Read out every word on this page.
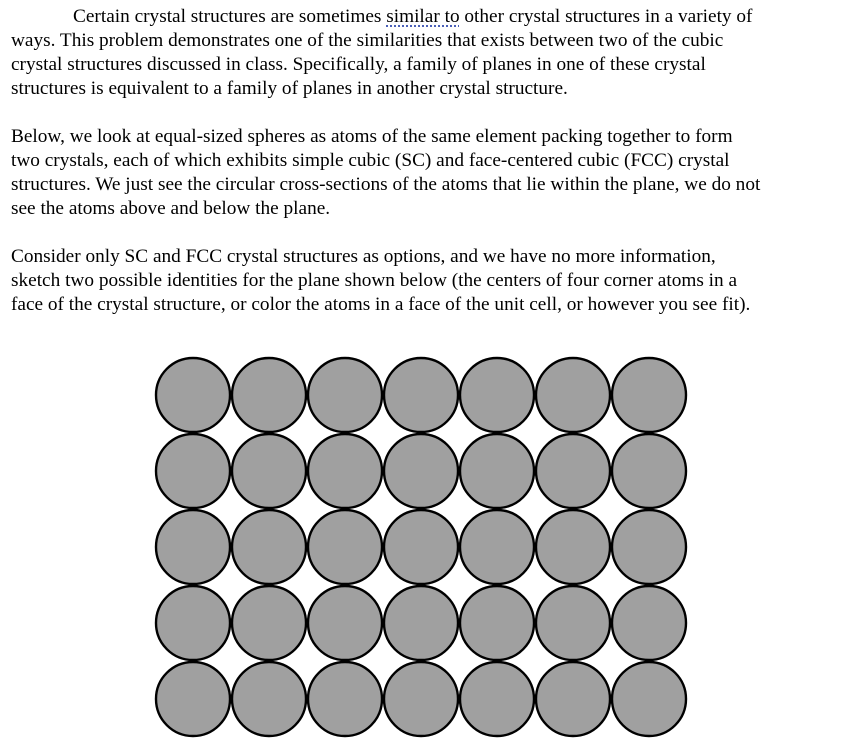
Certain crystal structures are sometimes similar to other crystal structures in a variety of
ways. This problem demonstrates one of the similarities that exists between two of the cubic
crystal structures discussed in class. Specifically, a family of planes in one of these crystal
structures is equivalent to a family of planes in another crystal structure.

Below, we look at equal-sized spheres as atoms of the same element packing together to form
two crystals, each of which exhibits simple cubic (SC) and face-centered cubic (FCC) crystal
structures. We just see the circular cross-sections of the atoms that lie within the plane, we do not
see the atoms above and below the plane.

Consider only SC and FCC crystal structures as options, and we have no more information,
sketch two possible identities for the plane shown below (the centers of four corner atoms in a
face of the crystal structure, or color the atoms in a face of the unit cell, or however you see fit).
